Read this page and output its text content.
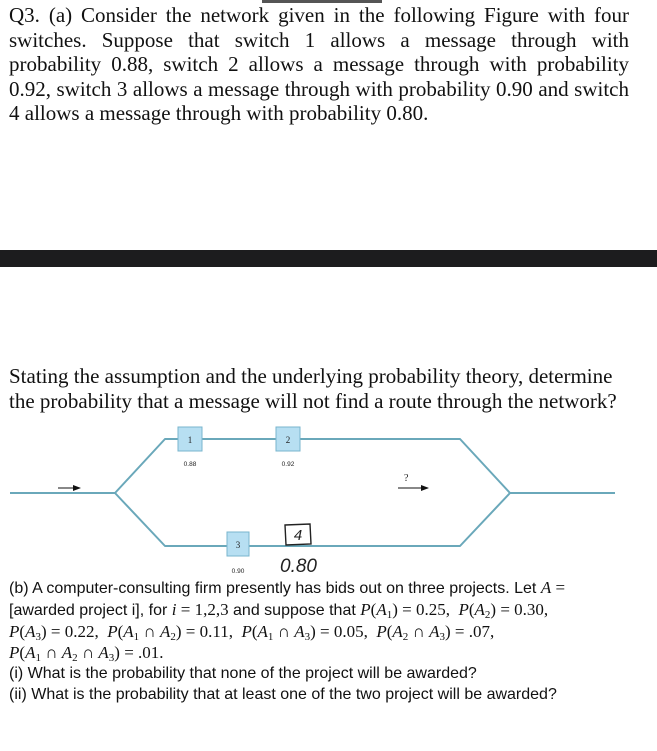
Q3. (a) Consider the network given in the following Figure with four switches. Suppose that switch 1 allows a message through with probability 0.88, switch 2 allows a message through with probability 0.92, switch 3 allows a message through with probability 0.90 and switch 4 allows a message through with probability 0.80.
Stating the assumption and the underlying probability theory, determine the probability that a message will not find a route through the network?
?
1
0.88
2
0.92
3
0.90
4
0.80
(b) A computer-consulting firm presently has bids out on three projects. Let A =
[awarded project i], for i = 1,2,3 and suppose that $P(A_1) = 0.25$,  $P(A_2) = 0.30$,
$P(A_3) = 0.22$,  $P(A_1$ ∩ $A_2) = 0.11$,  $P(A_1$ ∩ $A_3) = 0.05$,  $P(A_2$ ∩ $A_3) = .07$,
$P(A_1$ ∩ $A_2$ ∩ $A_3) = .01$.
(i) What is the probability that none of the project will be awarded?
(ii) What is the probability that at least one of the two project will be awarded?
